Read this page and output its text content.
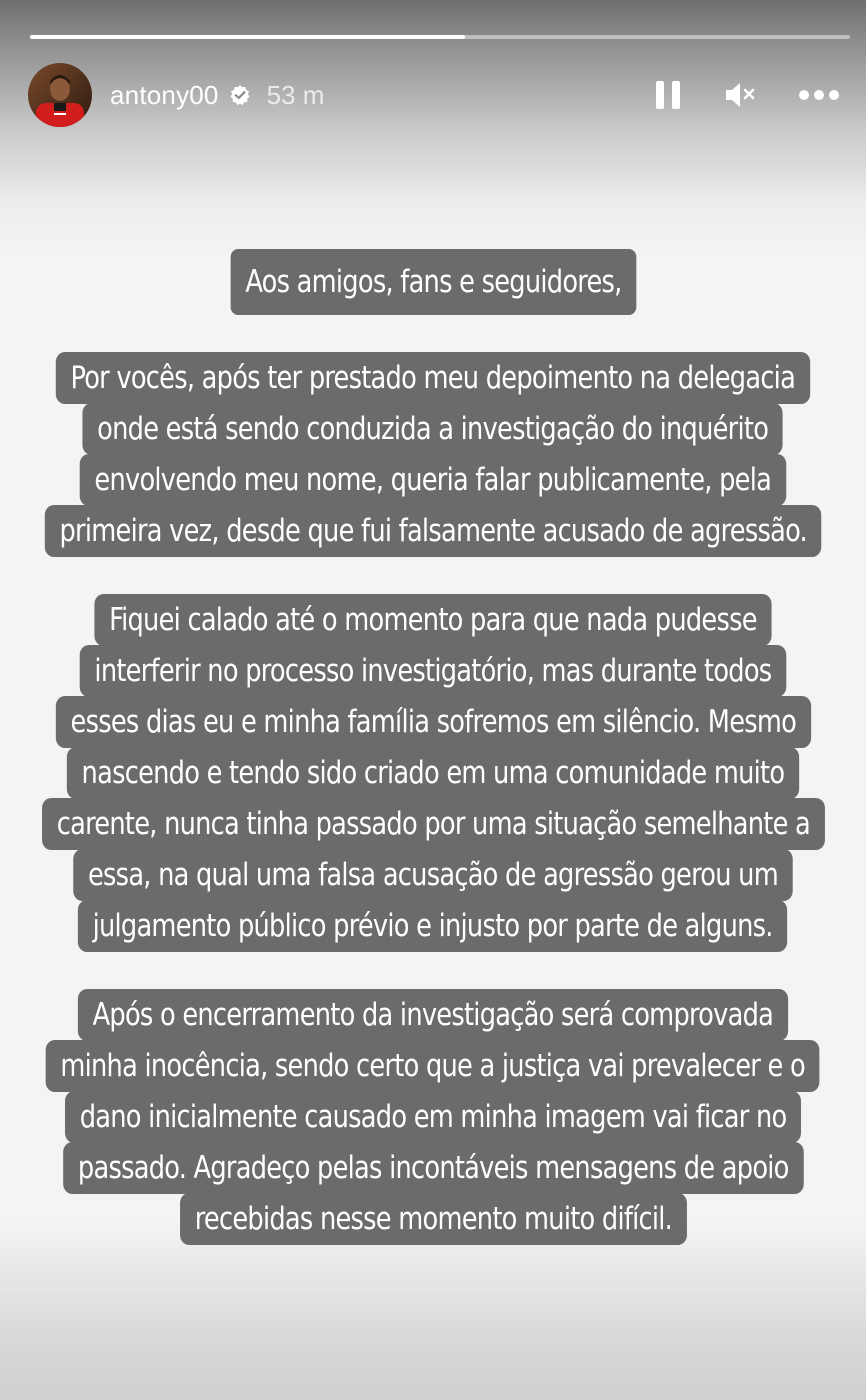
antony00 53 m
Aos amigos, fans e seguidores,
Por vocês, após ter prestado meu depoimento na delegacia
onde está sendo conduzida a investigação do inquérito
envolvendo meu nome, queria falar publicamente, pela
primeira vez, desde que fui falsamente acusado de agressão.
Fiquei calado até o momento para que nada pudesse
interferir no processo investigatório, mas durante todos
esses dias eu e minha família sofremos em silêncio. Mesmo
nascendo e tendo sido criado em uma comunidade muito
carente, nunca tinha passado por uma situação semelhante a
essa, na qual uma falsa acusação de agressão gerou um
julgamento público prévio e injusto por parte de alguns.
Após o encerramento da investigação será comprovada
minha inocência, sendo certo que a justiça vai prevalecer e o
dano inicialmente causado em minha imagem vai ficar no
passado. Agradeço pelas incontáveis mensagens de apoio
recebidas nesse momento muito difícil.
